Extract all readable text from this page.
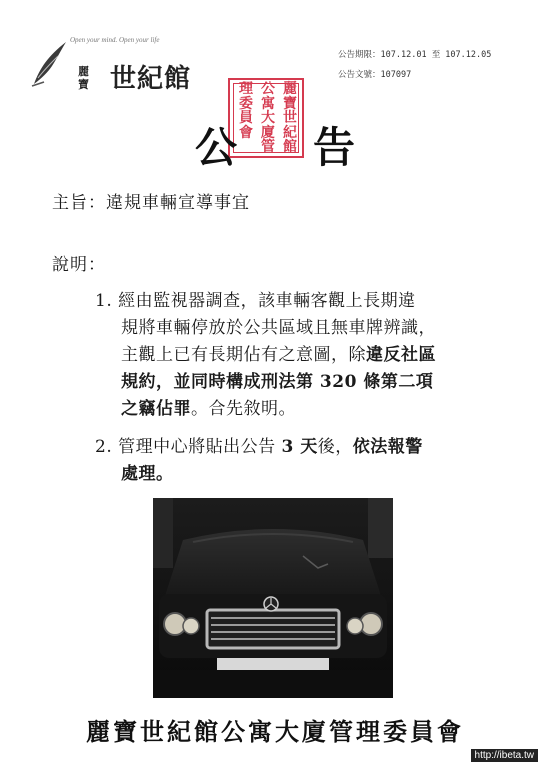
Open your mind. Open your life
麗寶 世紀館
公告期限：107.12.01 至 107.12.05
公告文號：107097
麗寶世紀館
公寓大廈管
理委員會
公 告
主旨：違規車輛宣導事宜
說明：
1. 經由監視器調查，該車輛客觀上長期違
規將車輛停放於公共區域且無車牌辨識，
主觀上已有長期佔有之意圖，除違反社區
規約，並同時構成刑法第 320 條第二項
之竊佔罪。合先敘明。
2. 管理中心將貼出公告 3 天後，依法報警
處理。
麗寶世紀館公寓大廈管理委員會
http://ibeta.tw
